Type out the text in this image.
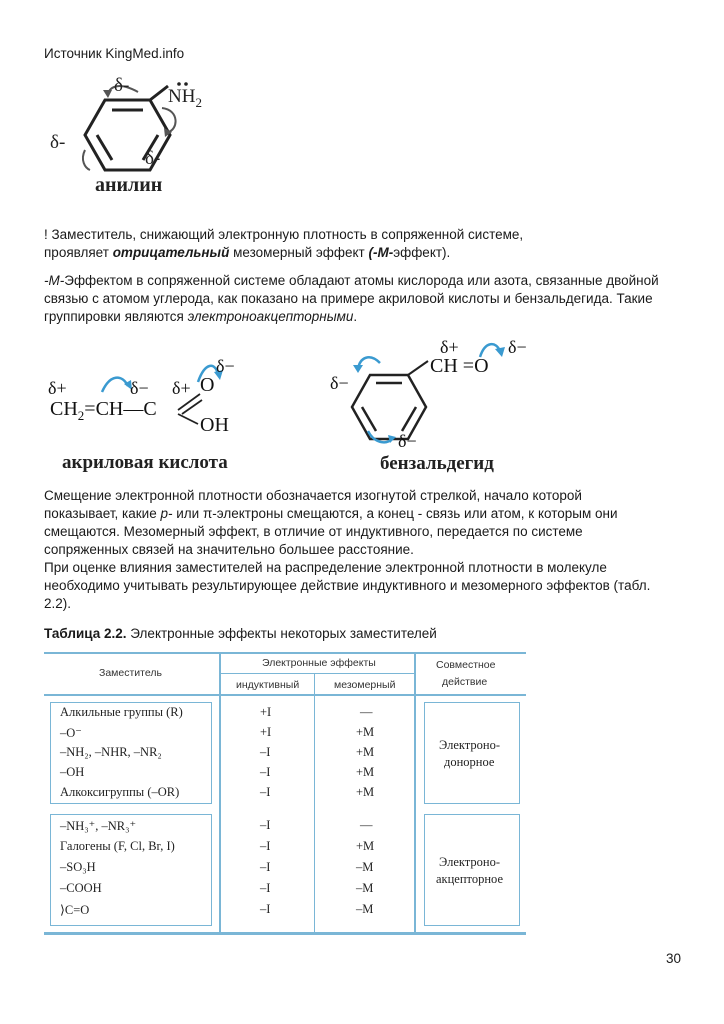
Источник KingMed.info
δ-
$NH_2$
δ-
δ-
анилин
! Заместитель, снижающий электронную плотность в сопряженной системе,
проявляет отрицательный мезомерный эффект (-М-эффект).
-М-Эффектом в сопряженной системе обладают атомы кислорода или азота, связанные двойной
связью с атомом углерода, как показано на примере акриловой кислоты и бензальдегида. Такие
группировки являются электроноакцепторными.
δ+	δ− δ+
δ−
O
$CH_2=CH—C$
OH
акриловая кислота
δ+	δ−
CH =O
δ−
δ−
бензальдегид
Смещение электронной плотности обозначается изогнутой стрелкой, начало которой
показывает, какие р- или π-электроны смещаются, а конец - связь или атом, к которым они
смещаются. Мезомерный эффект, в отличие от индуктивного, передается по системе
сопряженных связей на значительно большее расстояние.
При оценке влияния заместителей на распределение электронной плотности в молекуле
необходимо учитывать результирующее действие индуктивного и мезомерного эффектов (табл.
2.2).
Таблица 2.2. Электронные эффекты некоторых заместителей
Заместитель
Электронные эффекты
индуктивный	мезомерный
Совместное
действие
Алкильные группы (R)	+I	—
–O⁻	+I	+M
–NH₂, –NHR, –NR₂	–I	+M
–OH	–I	+M
Алкоксигруппы (–OR)	–I	+M
Электроно-
донорное
–NH₃⁺, –NR₃⁺	–I	—
Галогены (F, Cl, Br, I)	–I	+M
–SO₃H	–I	–M
–COOH	–I	–M
⟩C=O	–I	–M
Электроно-
акцепторное
30
